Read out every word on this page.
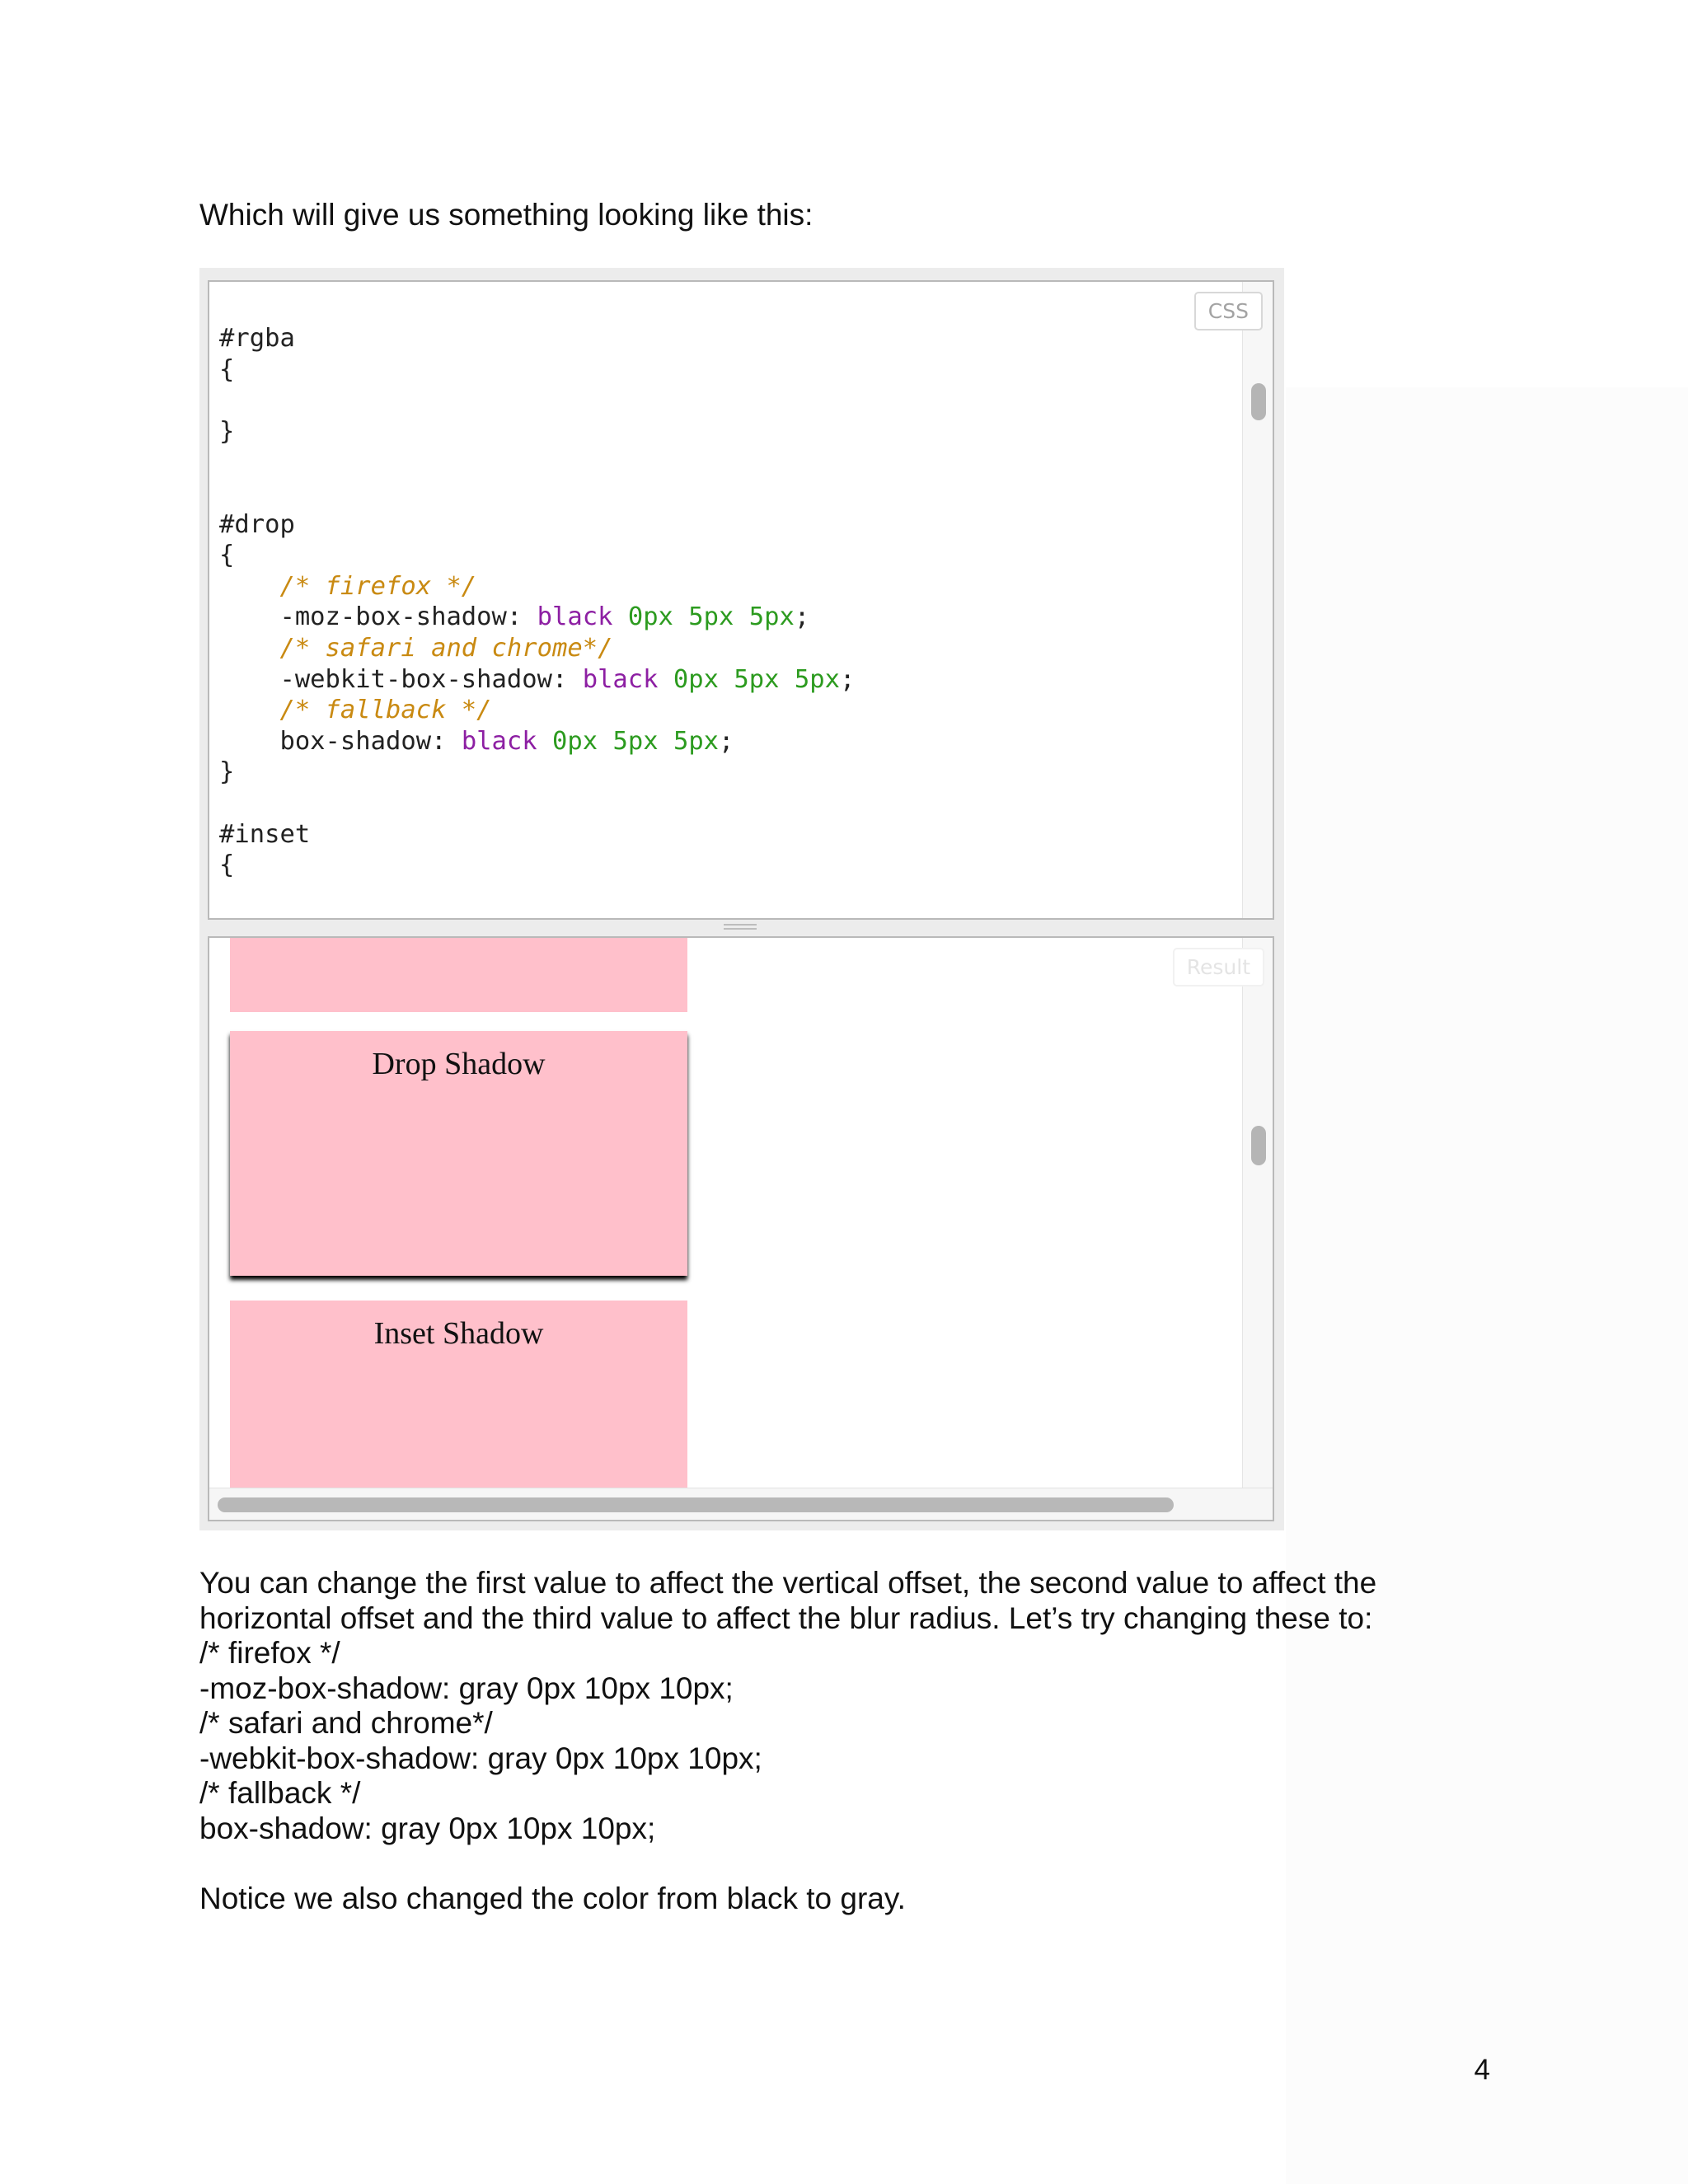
Which will give us something looking like this:

#rgba
{
}
#drop
{
/* firefox */
-moz-box-shadow: black 0px 5px 5px;
/* safari and chrome*/
-webkit-box-shadow: black 0px 5px 5px;
/* fallback */
box-shadow: black 0px 5px 5px;
}
#inset
{
CSS
Drop Shadow
Inset Shadow
Result
You can change the first value to affect the vertical offset, the second value to affect the
horizontal offset and the third value to affect the blur radius. Let’s try changing these to:
/* firefox */
-moz-box-shadow: gray 0px 10px 10px;
/* safari and chrome*/
-webkit-box-shadow: gray 0px 10px 10px;
/* fallback */
box-shadow: gray 0px 10px 10px;
Notice we also changed the color from black to gray.
4
